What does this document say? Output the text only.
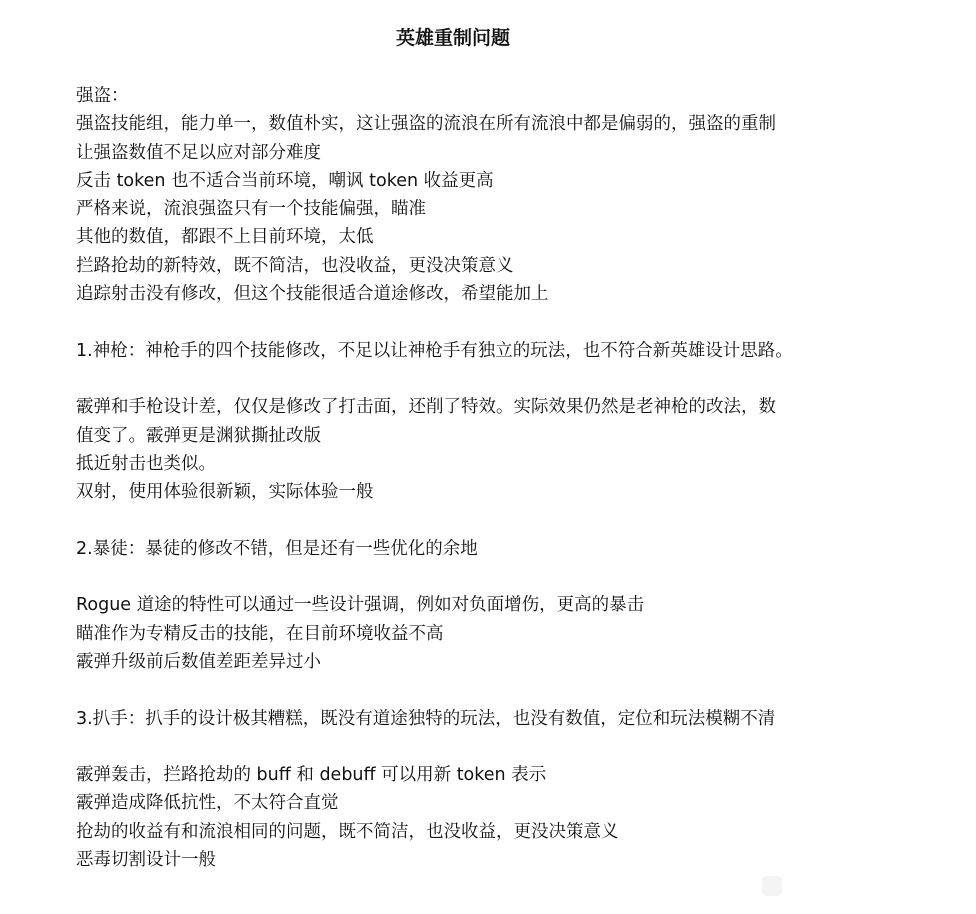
英雄重制问题
强盗：
强盗技能组，能力单一，数值朴实，这让强盗的流浪在所有流浪中都是偏弱的，强盗的重制
让强盗数值不足以应对部分难度
反击 token 也不适合当前环境，嘲讽 token 收益更高
严格来说，流浪强盗只有一个技能偏强，瞄准
其他的数值，都跟不上目前环境，太低
拦路抢劫的新特效，既不简洁，也没收益，更没决策意义
追踪射击没有修改，但这个技能很适合道途修改，希望能加上
1.神枪：神枪手的四个技能修改，不足以让神枪手有独立的玩法，也不符合新英雄设计思路。
霰弹和手枪设计差，仅仅是修改了打击面，还削了特效。实际效果仍然是老神枪的改法，数
值变了。霰弹更是渊狱撕扯改版
抵近射击也类似。
双射，使用体验很新颖，实际体验一般
2.暴徒：暴徒的修改不错，但是还有一些优化的余地
Rogue 道途的特性可以通过一些设计强调，例如对负面增伤，更高的暴击
瞄准作为专精反击的技能，在目前环境收益不高
霰弹升级前后数值差距差异过小
3.扒手：扒手的设计极其糟糕，既没有道途独特的玩法，也没有数值，定位和玩法模糊不清
霰弹轰击，拦路抢劫的 buff 和 debuff 可以用新 token 表示
霰弹造成降低抗性，不太符合直觉
抢劫的收益有和流浪相同的问题，既不简洁，也没收益，更没决策意义
恶毒切割设计一般
